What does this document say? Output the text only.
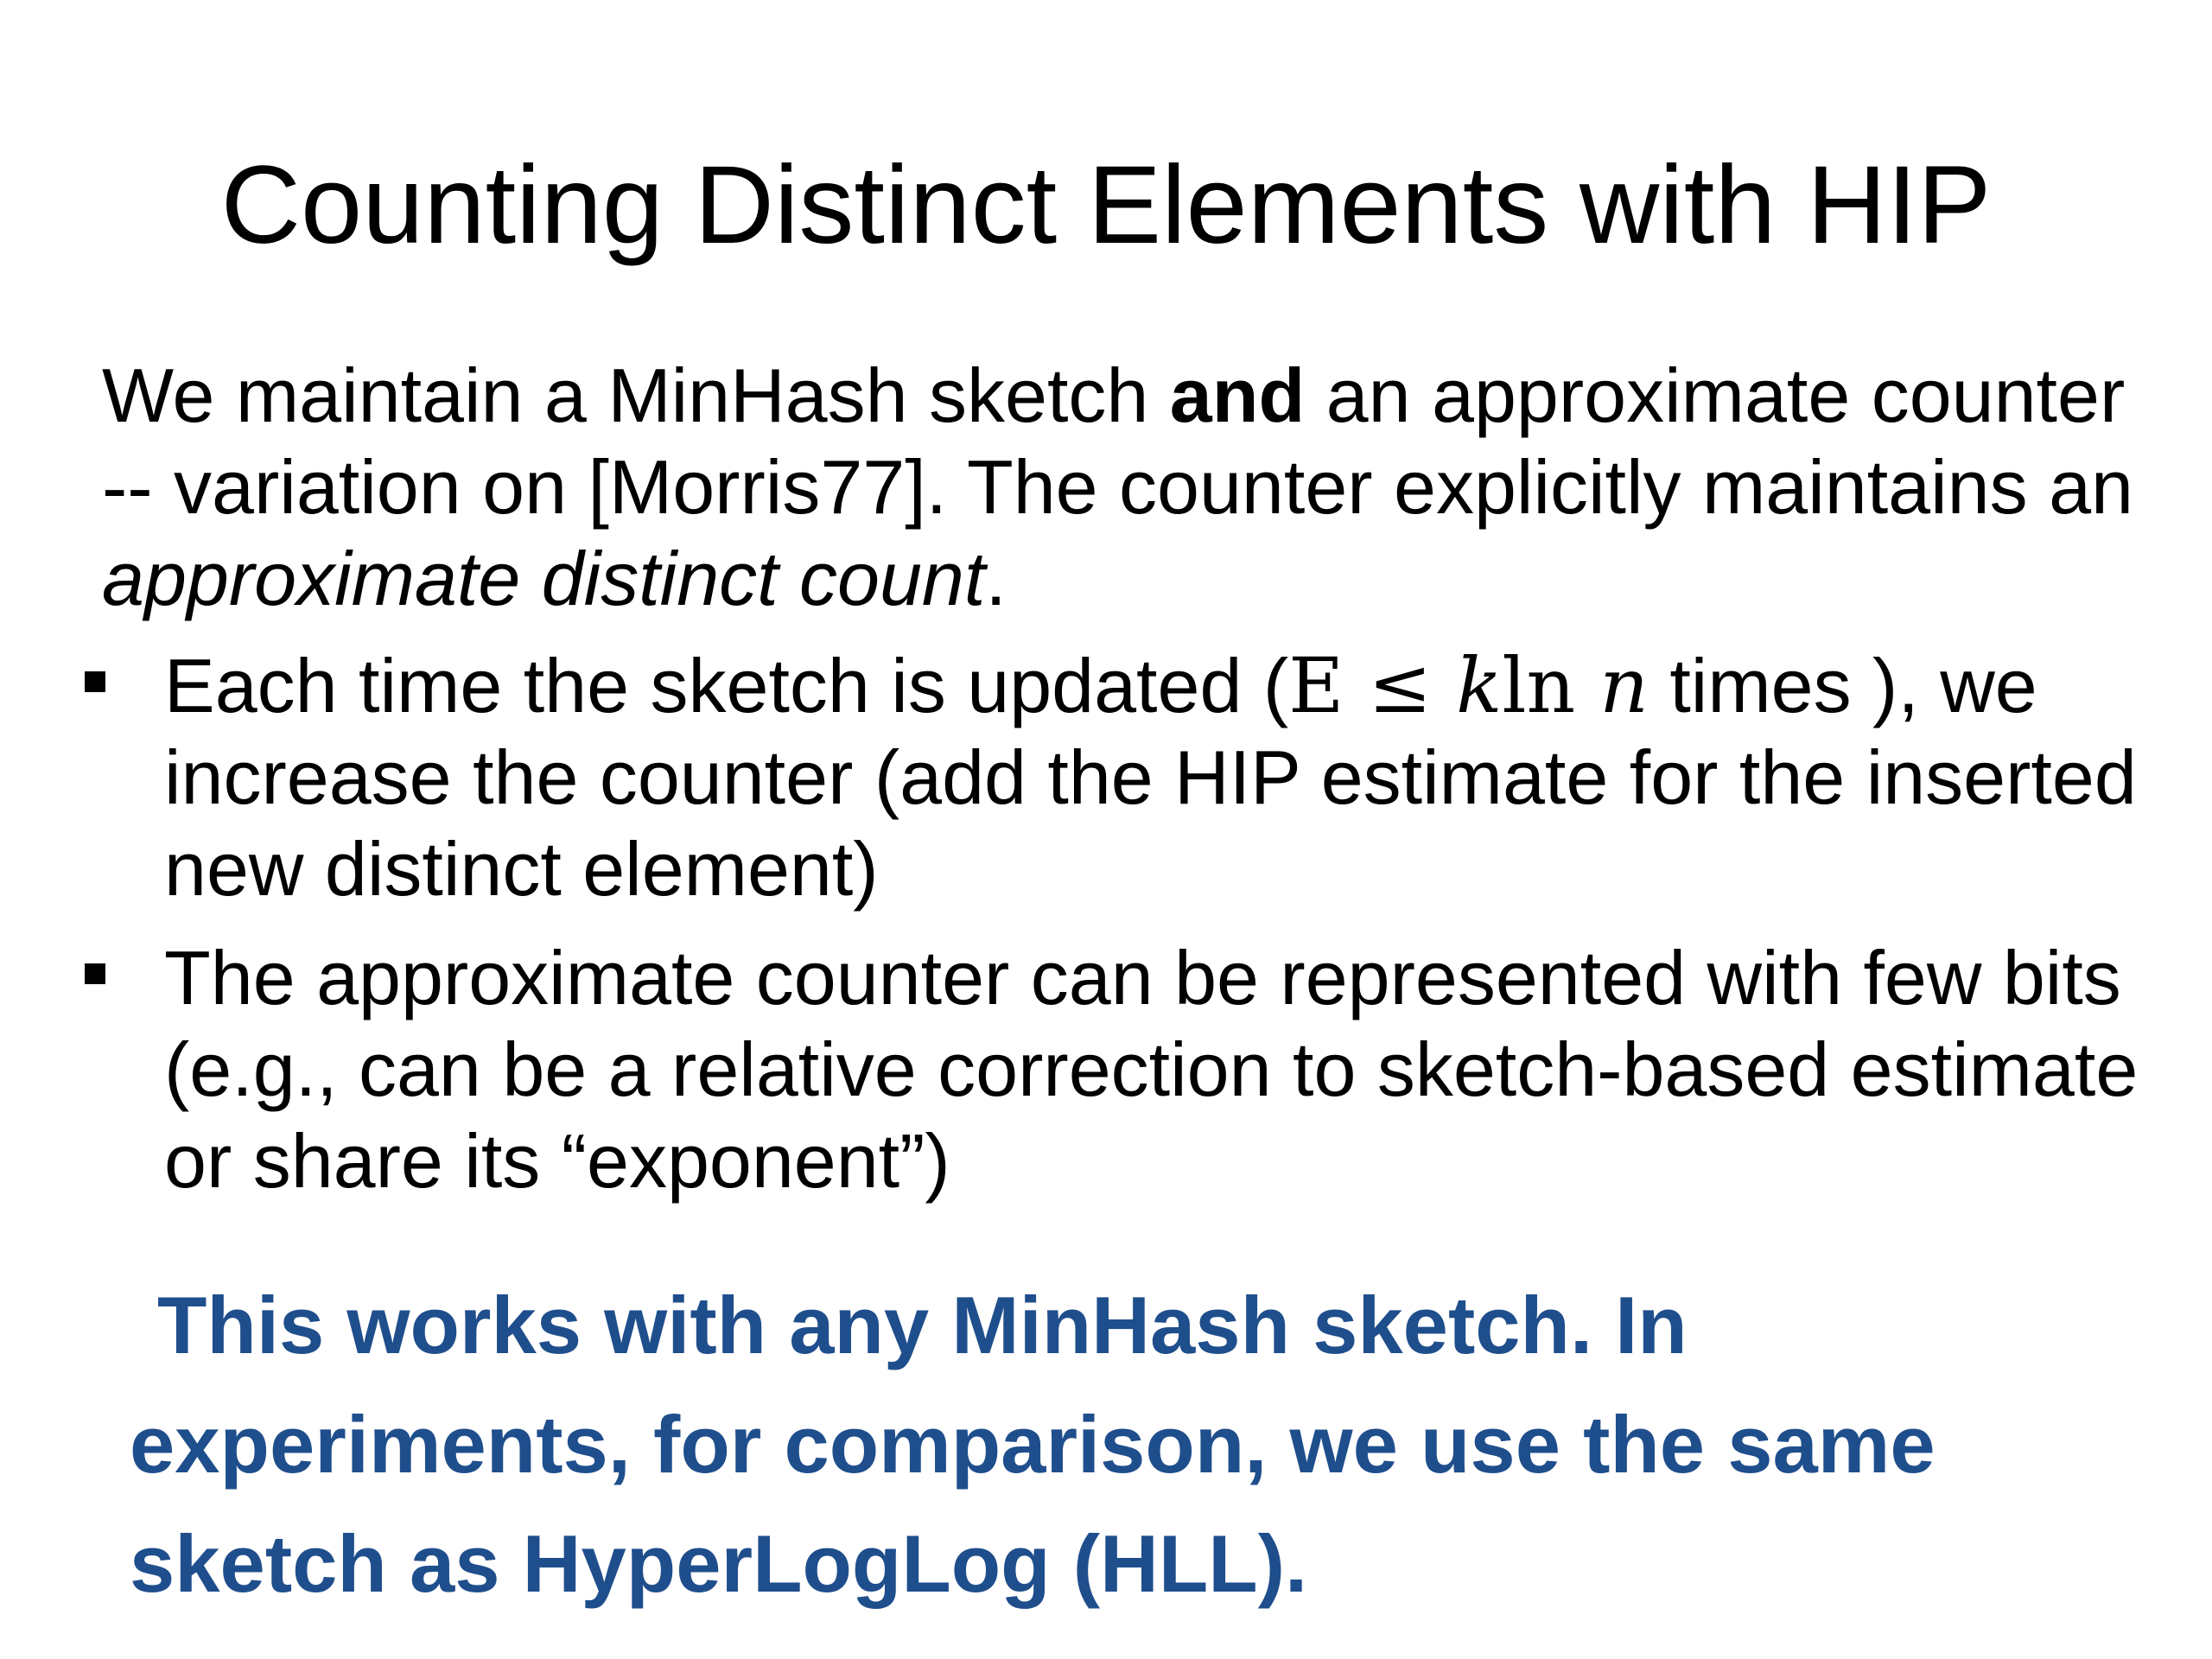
Counting Distinct Elements with HIP

We maintain a MinHash sketch and an approximate counter -- variation on [Morris77]. The counter explicitly maintains an approximate distinct count.

Each time the sketch is updated (E ≤ kln n times ), we increase the counter (add the HIP estimate for the inserted new distinct element)
The approximate counter can be represented with few bits (e.g., can be a relative correction to sketch-based estimate or share its “exponent”)
This works with any MinHash sketch. In
experiments, for comparison, we use the same
sketch as HyperLogLog (HLL).
